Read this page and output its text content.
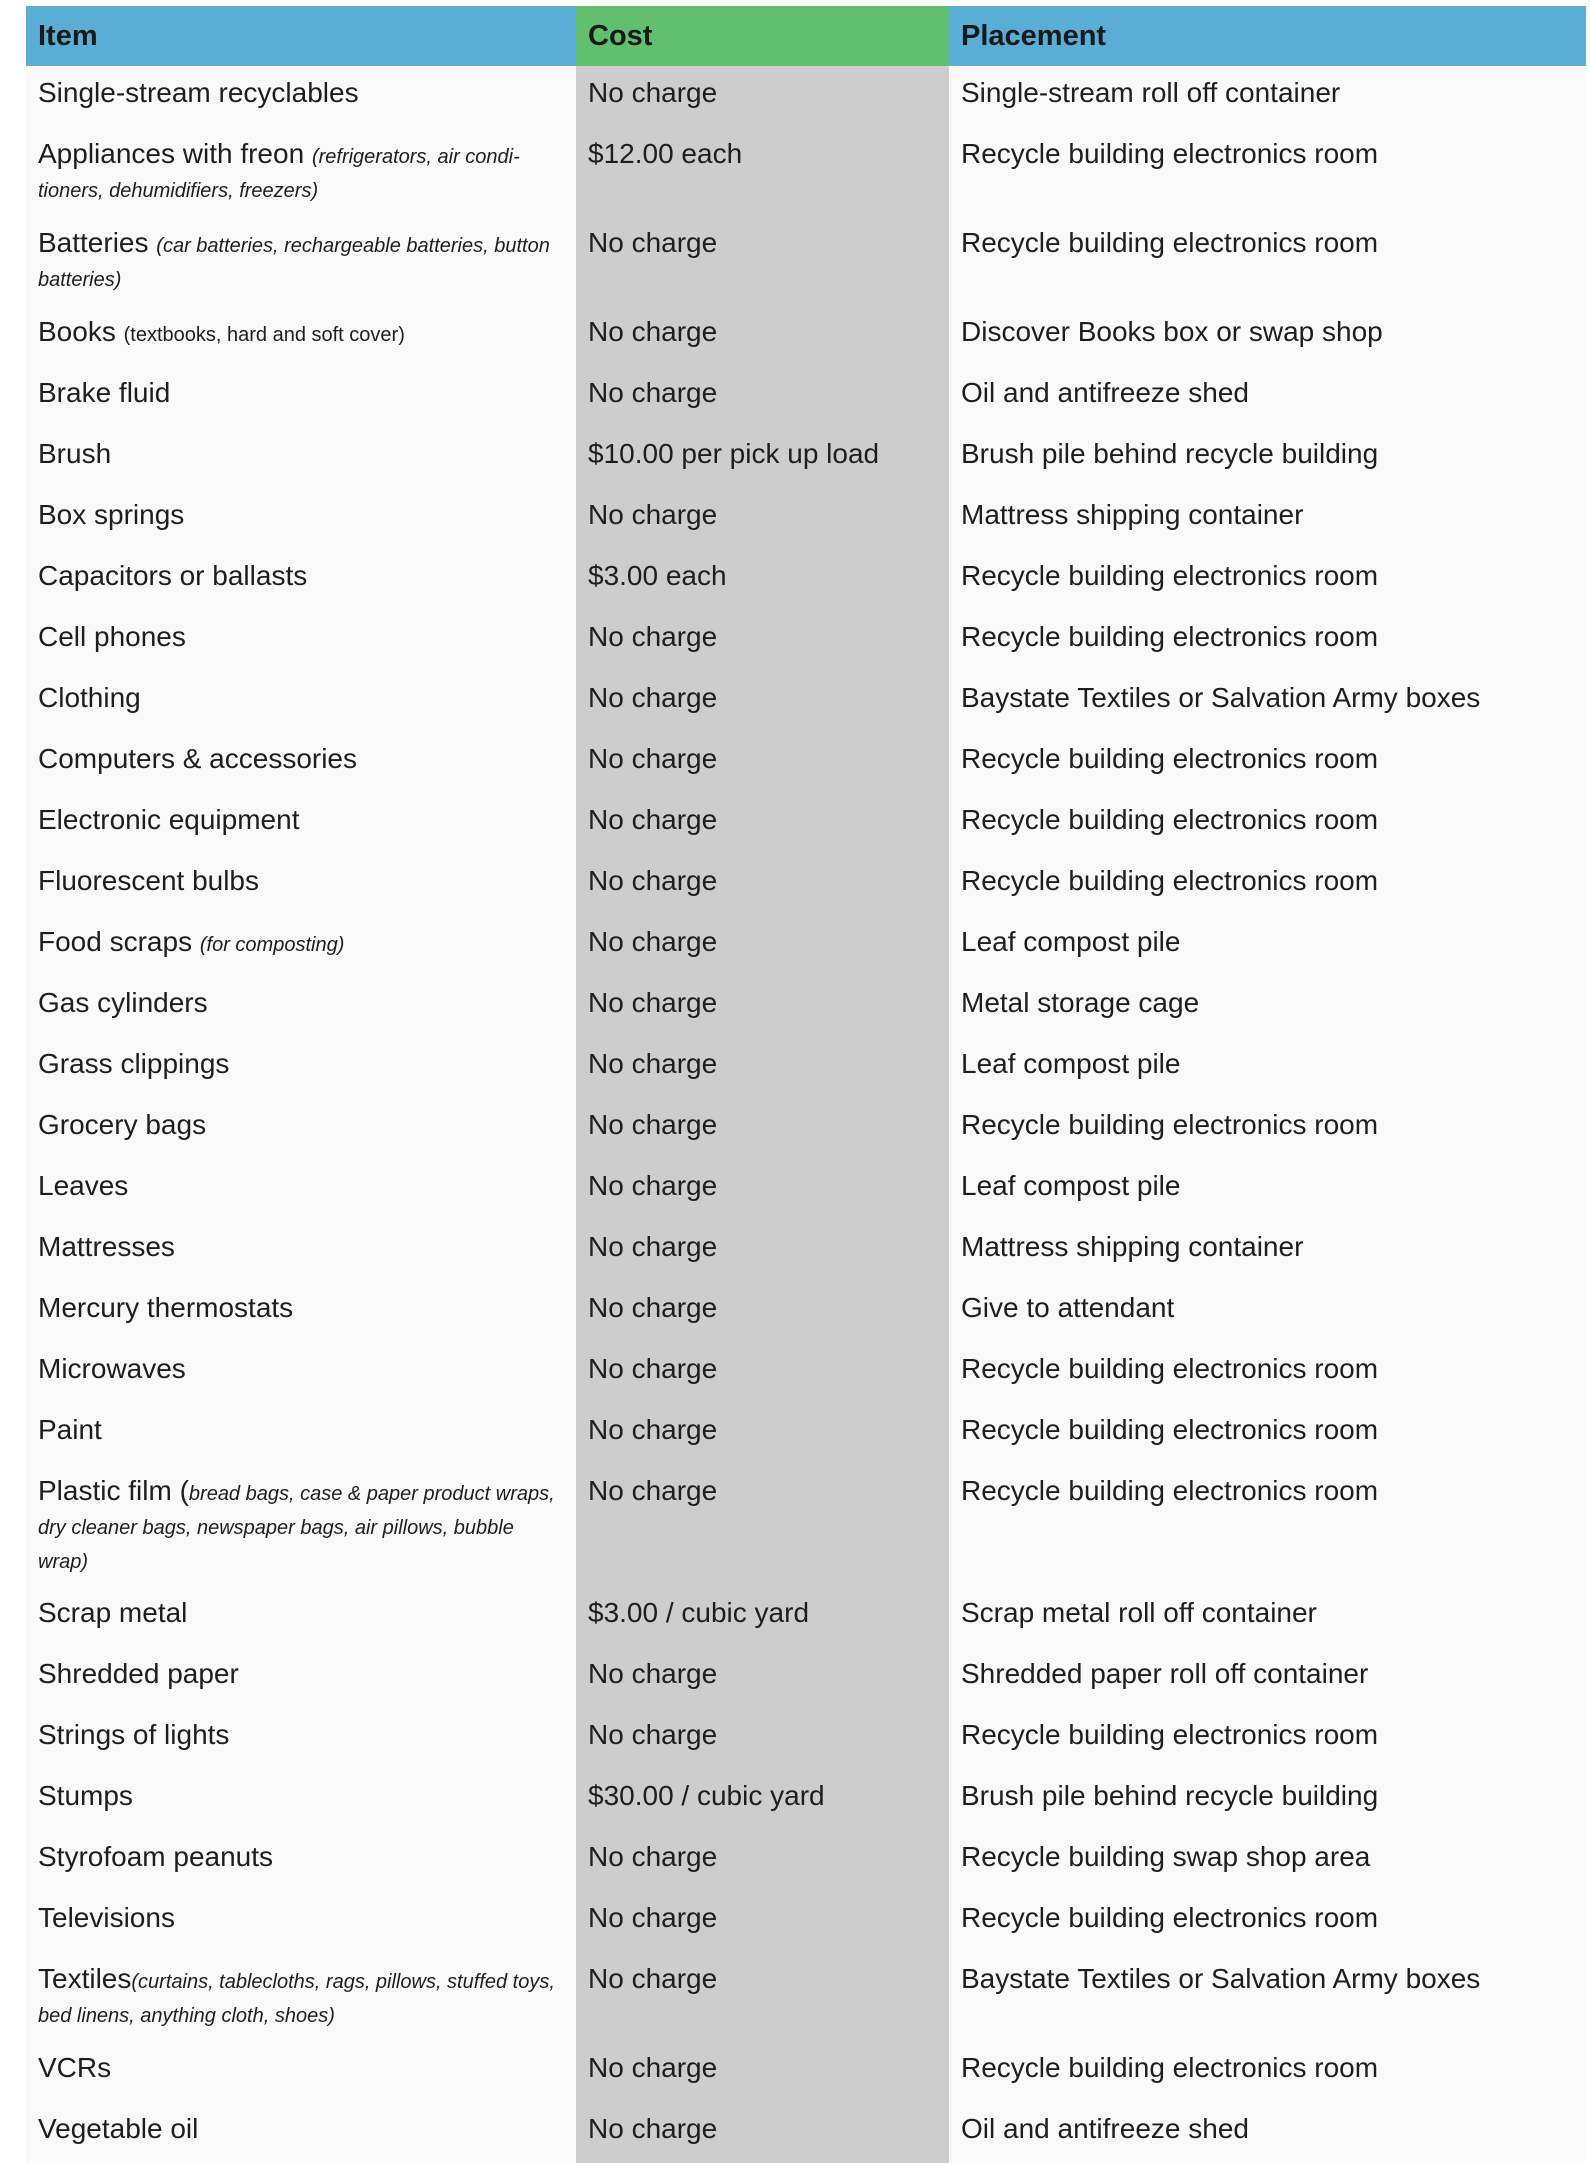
Item	Cost	Placement
Single-stream recyclables	No charge	Single-stream roll off container
Appliances with freon (refrigerators, air condi-tioners, dehumidifiers, freezers)	$12.00 each	Recycle building electronics room
Batteries (car batteries, rechargeable batteries, button batteries)	No charge	Recycle building electronics room
Books (textbooks, hard and soft cover)	No charge	Discover Books box or swap shop
Brake fluid	No charge	Oil and antifreeze shed
Brush	$10.00 per pick up load	Brush pile behind recycle building
Box springs	No charge	Mattress shipping container
Capacitors or ballasts	$3.00 each	Recycle building electronics room
Cell phones	No charge	Recycle building electronics room
Clothing	No charge	Baystate Textiles or Salvation Army boxes
Computers & accessories	No charge	Recycle building electronics room
Electronic equipment	No charge	Recycle building electronics room
Fluorescent bulbs	No charge	Recycle building electronics room
Food scraps (for composting)	No charge	Leaf compost pile
Gas cylinders	No charge	Metal storage cage
Grass clippings	No charge	Leaf compost pile
Grocery bags	No charge	Recycle building electronics room
Leaves	No charge	Leaf compost pile
Mattresses	No charge	Mattress shipping container
Mercury thermostats	No charge	Give to attendant
Microwaves	No charge	Recycle building electronics room
Paint	No charge	Recycle building electronics room
Plastic film (bread bags, case & paper product wraps, dry cleaner bags, newspaper bags, air pillows, bubble wrap)	No charge	Recycle building electronics room
Scrap metal	$3.00 / cubic yard	Scrap metal roll off container
Shredded paper	No charge	Shredded paper roll off container
Strings of lights	No charge	Recycle building electronics room
Stumps	$30.00 / cubic yard	Brush pile behind recycle building
Styrofoam peanuts	No charge	Recycle building swap shop area
Televisions	No charge	Recycle building electronics room
Textiles(curtains, tablecloths, rags, pillows, stuffed toys, bed linens, anything cloth, shoes)	No charge	Baystate Textiles or Salvation Army boxes
VCRs	No charge	Recycle building electronics room
Vegetable oil	No charge	Oil and antifreeze shed
